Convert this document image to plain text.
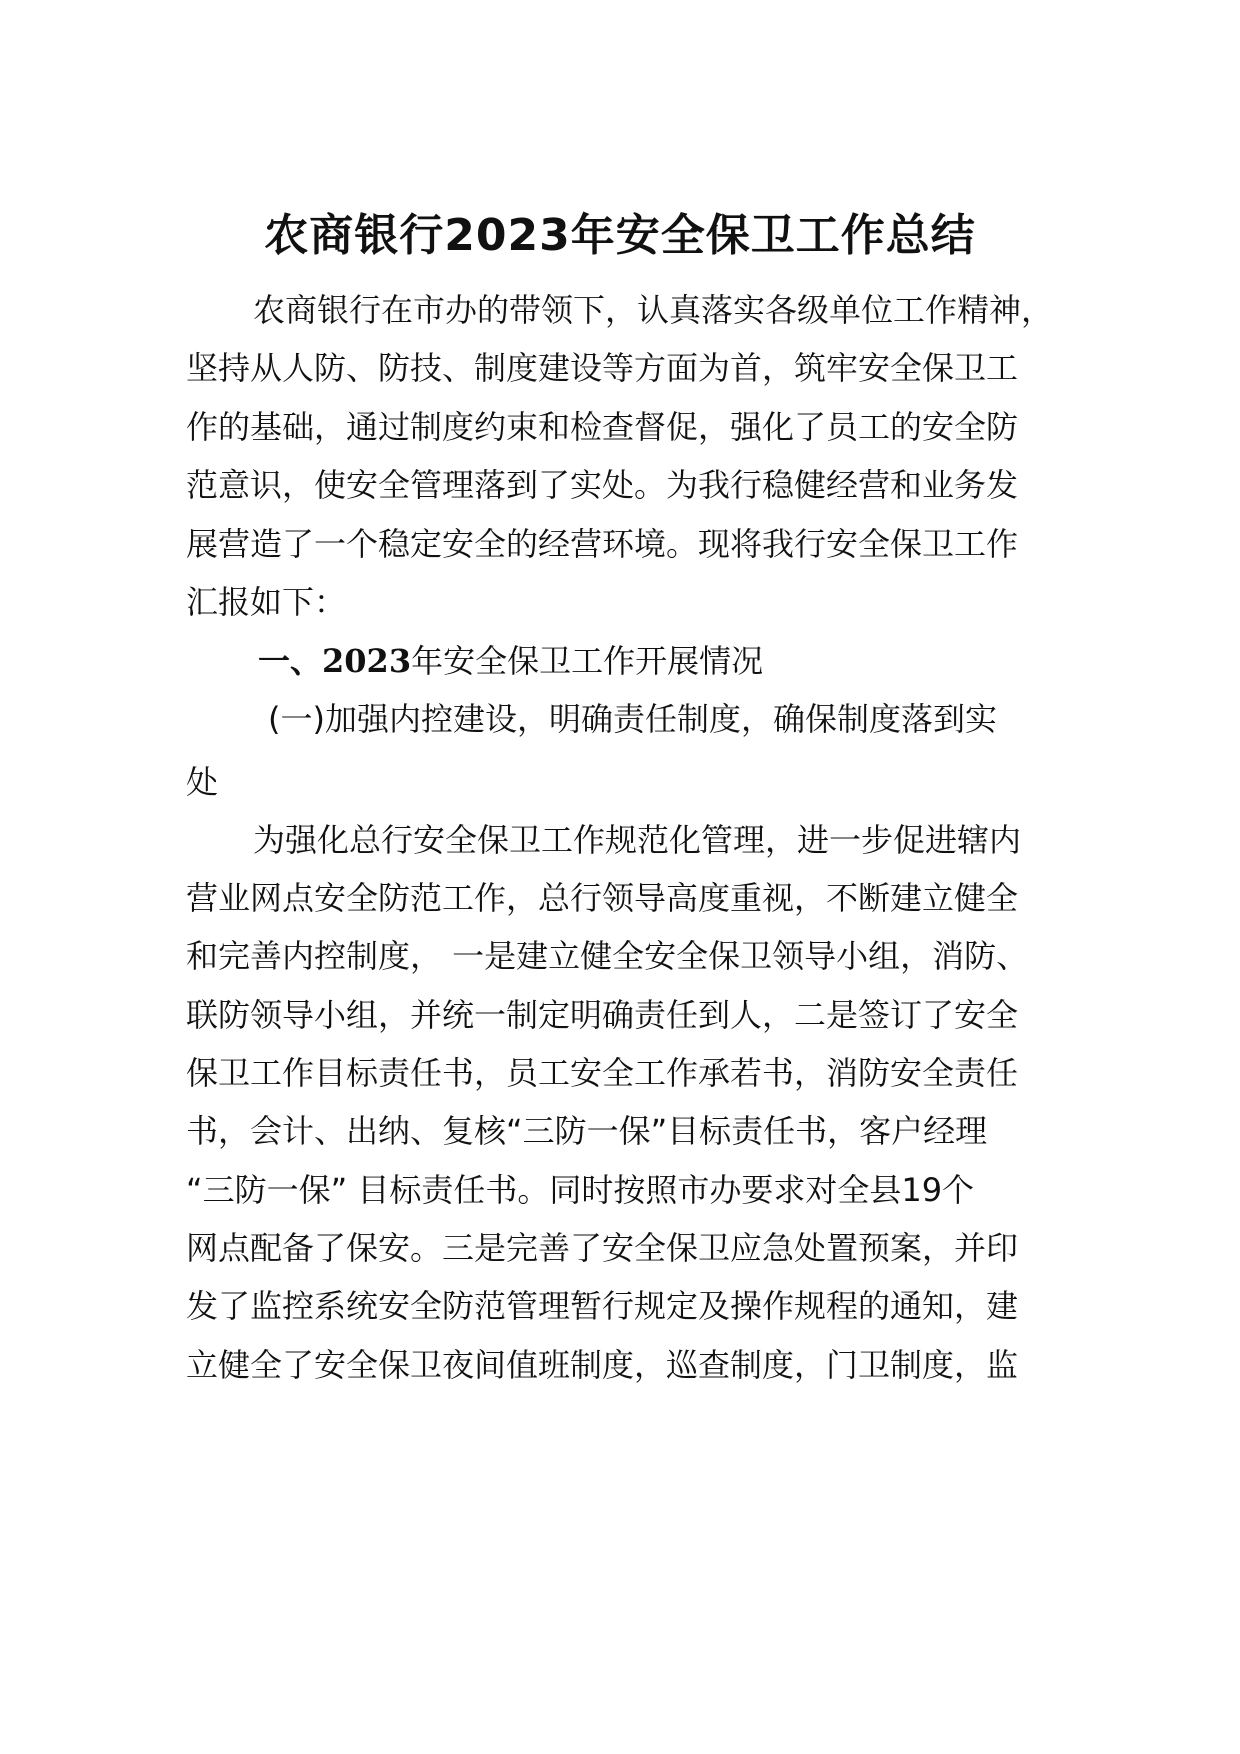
农商银行2023年安全保卫工作总结
农商银行在市办的带领下，认真落实各级单位工作精神，
坚持从人防、防技、制度建设等方面为首，筑牢安全保卫工
作的基础，通过制度约束和检查督促，强化了员工的安全防
范意识，使安全管理落到了实处。为我行稳健经营和业务发
展营造了一个稳定安全的经营环境。现将我行安全保卫工作
汇报如下：
一、2023年安全保卫工作开展情况
(一)加强内控建设，明确责任制度，确保制度落到实
处
为强化总行安全保卫工作规范化管理，进一步促进辖内
营业网点安全防范工作，总行领导高度重视，不断建立健全
和完善内控制度， 一是建立健全安全保卫领导小组，消防、
联防领导小组，并统一制定明确责任到人，二是签订了安全
保卫工作目标责任书，员工安全工作承若书，消防安全责任
书，会计、出纳、复核“三防一保”目标责任书，客户经理
“三防一保” 目标责任书。同时按照市办要求对全县19个
网点配备了保安。三是完善了安全保卫应急处置预案，并印
发了监控系统安全防范管理暂行规定及操作规程的通知，建
立健全了安全保卫夜间值班制度，巡查制度，门卫制度，监
